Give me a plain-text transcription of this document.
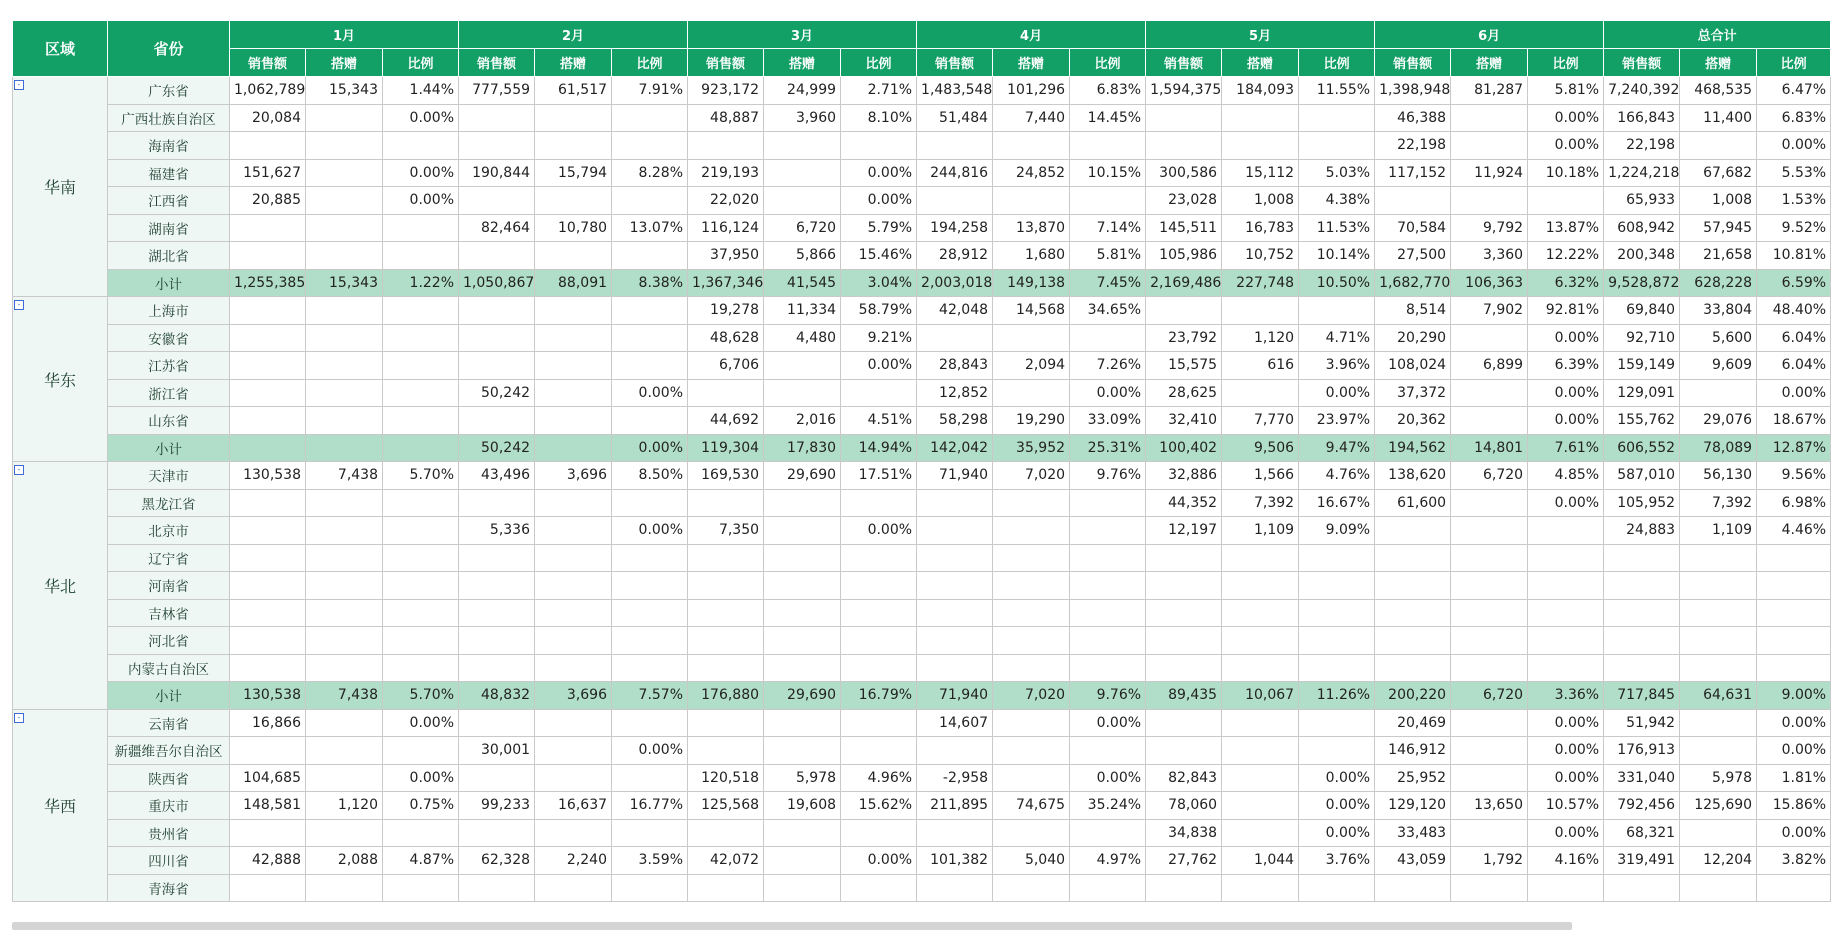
区域	省份	1月			2月			3月			4月			5月			6月			总合计		
		销售额	搭赠	比例	销售额	搭赠	比例	销售额	搭赠	比例	销售额	搭赠	比例	销售额	搭赠	比例	销售额	搭赠	比例	销售额	搭赠	比例

-
华南	广东省	1,062,789	15,343	1.44%	777,559	61,517	7.91%	923,172	24,999	2.71%	1,483,548	101,296	6.83%	1,594,375	184,093	11.55%	1,398,948	81,287	5.81%	7,240,392	468,535	6.47%
	广西壮族自治区	20,084		0.00%				48,887	3,960	8.10%	51,484	7,440	14.45%				46,388		0.00%	166,843	11,400	6.83%
	海南省																22,198		0.00%	22,198		0.00%
	福建省	151,627		0.00%	190,844	15,794	8.28%	219,193		0.00%	244,816	24,852	10.15%	300,586	15,112	5.03%	117,152	11,924	10.18%	1,224,218	67,682	5.53%
	江西省	20,885		0.00%				22,020		0.00%				23,028	1,008	4.38%				65,933	1,008	1.53%
	湖南省				82,464	10,780	13.07%	116,124	6,720	5.79%	194,258	13,870	7.14%	145,511	16,783	11.53%	70,584	9,792	13.87%	608,942	57,945	9.52%
	湖北省							37,950	5,866	15.46%	28,912	1,680	5.81%	105,986	10,752	10.14%	27,500	3,360	12.22%	200,348	21,658	10.81%
	小计	1,255,385	15,343	1.22%	1,050,867	88,091	8.38%	1,367,346	41,545	3.04%	2,003,018	149,138	7.45%	2,169,486	227,748	10.50%	1,682,770	106,363	6.32%	9,528,872	628,228	6.59%

-
华东	上海市							19,278	11,334	58.79%	42,048	14,568	34.65%				8,514	7,902	92.81%	69,840	33,804	48.40%
	安徽省							48,628	4,480	9.21%				23,792	1,120	4.71%	20,290		0.00%	92,710	5,600	6.04%
	江苏省							6,706		0.00%	28,843	2,094	7.26%	15,575	616	3.96%	108,024	6,899	6.39%	159,149	9,609	6.04%
	浙江省				50,242		0.00%				12,852		0.00%	28,625		0.00%	37,372		0.00%	129,091		0.00%
	山东省							44,692	2,016	4.51%	58,298	19,290	33.09%	32,410	7,770	23.97%	20,362		0.00%	155,762	29,076	18.67%
	小计				50,242		0.00%	119,304	17,830	14.94%	142,042	35,952	25.31%	100,402	9,506	9.47%	194,562	14,801	7.61%	606,552	78,089	12.87%

-
华北	天津市	130,538	7,438	5.70%	43,496	3,696	8.50%	169,530	29,690	17.51%	71,940	7,020	9.76%	32,886	1,566	4.76%	138,620	6,720	4.85%	587,010	56,130	9.56%
	黑龙江省													44,352	7,392	16.67%	61,600		0.00%	105,952	7,392	6.98%
	北京市				5,336		0.00%	7,350		0.00%				12,197	1,109	9.09%				24,883	1,109	4.46%
	辽宁省																					
	河南省																					
	吉林省																					
	河北省																					
	内蒙古自治区																					
	小计	130,538	7,438	5.70%	48,832	3,696	7.57%	176,880	29,690	16.79%	71,940	7,020	9.76%	89,435	10,067	11.26%	200,220	6,720	3.36%	717,845	64,631	9.00%

-
华西	云南省	16,866		0.00%							14,607		0.00%				20,469		0.00%	51,942		0.00%
	新疆维吾尔自治区				30,001		0.00%										146,912		0.00%	176,913		0.00%
	陕西省	104,685		0.00%				120,518	5,978	4.96%	-2,958		0.00%	82,843		0.00%	25,952		0.00%	331,040	5,978	1.81%
	重庆市	148,581	1,120	0.75%	99,233	16,637	16.77%	125,568	19,608	15.62%	211,895	74,675	35.24%	78,060		0.00%	129,120	13,650	10.57%	792,456	125,690	15.86%
	贵州省													34,838		0.00%	33,483		0.00%	68,321		0.00%
	四川省	42,888	2,088	4.87%	62,328	2,240	3.59%	42,072		0.00%	101,382	5,040	4.97%	27,762	1,044	3.76%	43,059	1,792	4.16%	319,491	12,204	3.82%
	青海省																					
